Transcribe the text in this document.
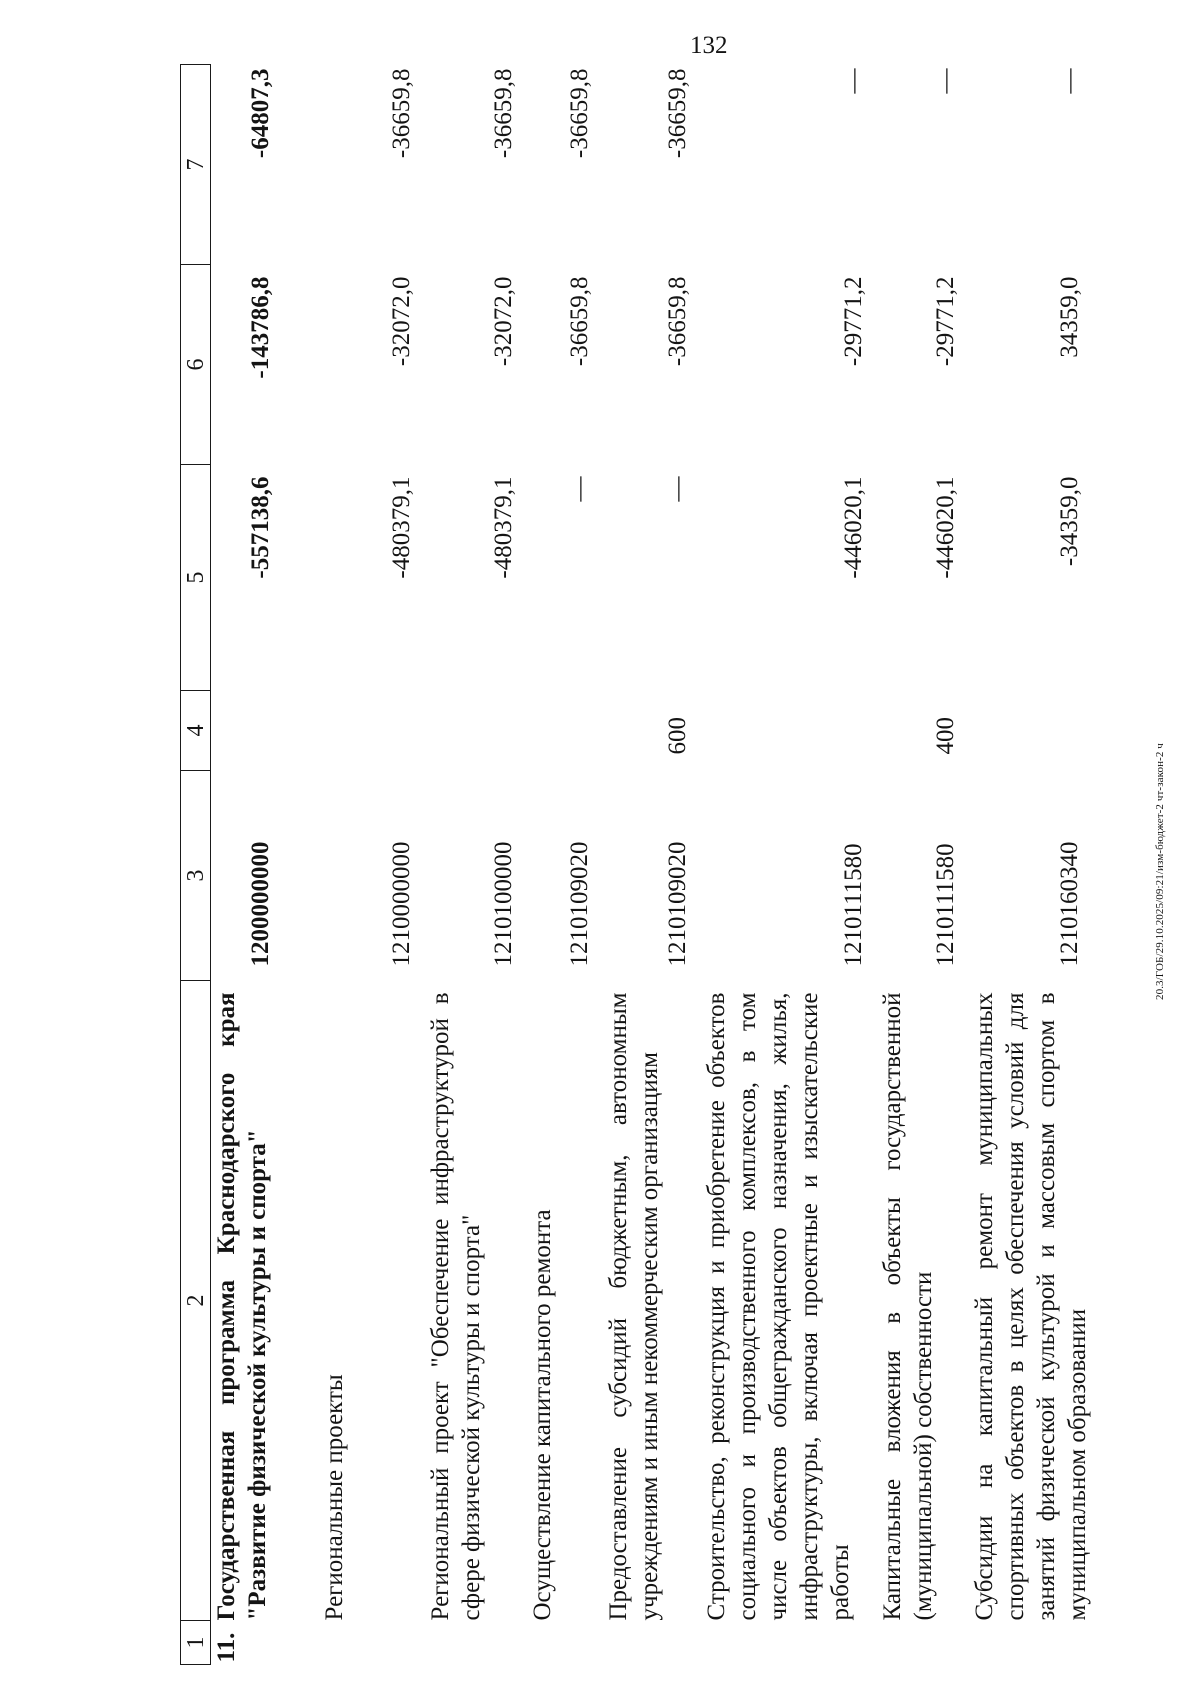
132
1	2	3	4	5	6	7

11.	Государственная программа Краснодарского края "Развитие физической культуры и спорта"	1200000000		-557138,6	-143786,8	-64807,3

	Региональные проекты	1210000000		-480379,1	-32072,0	-36659,8

	Региональный проект "Обеспечение инфраструктурой в сфере физической культуры и спорта"	1210100000		-480379,1	-32072,0	-36659,8

	Осуществление капитального ремонта	1210109020		—	-36659,8	-36659,8

	Предоставление субсидий бюджетным, автономным учреждениям и иным некоммерческим организациям	1210109020	600	—	-36659,8	-36659,8

	Строительство, реконструкция и приобретение объектов социального и производственного комплексов, в том числе объектов общегражданского назначения, жилья, инфраструктуры, включая проектные и изыскательские работы	1210111580		-446020,1	-29771,2	—

	Капитальные вложения в объекты государственной (муниципальной) собственности	1210111580	400	-446020,1	-29771,2	—

	Субсидии на капитальный ремонт муниципальных спортивных объектов в целях обеспечения условий для занятий физической культурой и массовым спортом в муниципальном образовании	1210160340		-34359,0	34359,0	—
20.3/ГОБ/29.10.2025/09:21/изм-бюджет-2 чт-закон-2 ч
